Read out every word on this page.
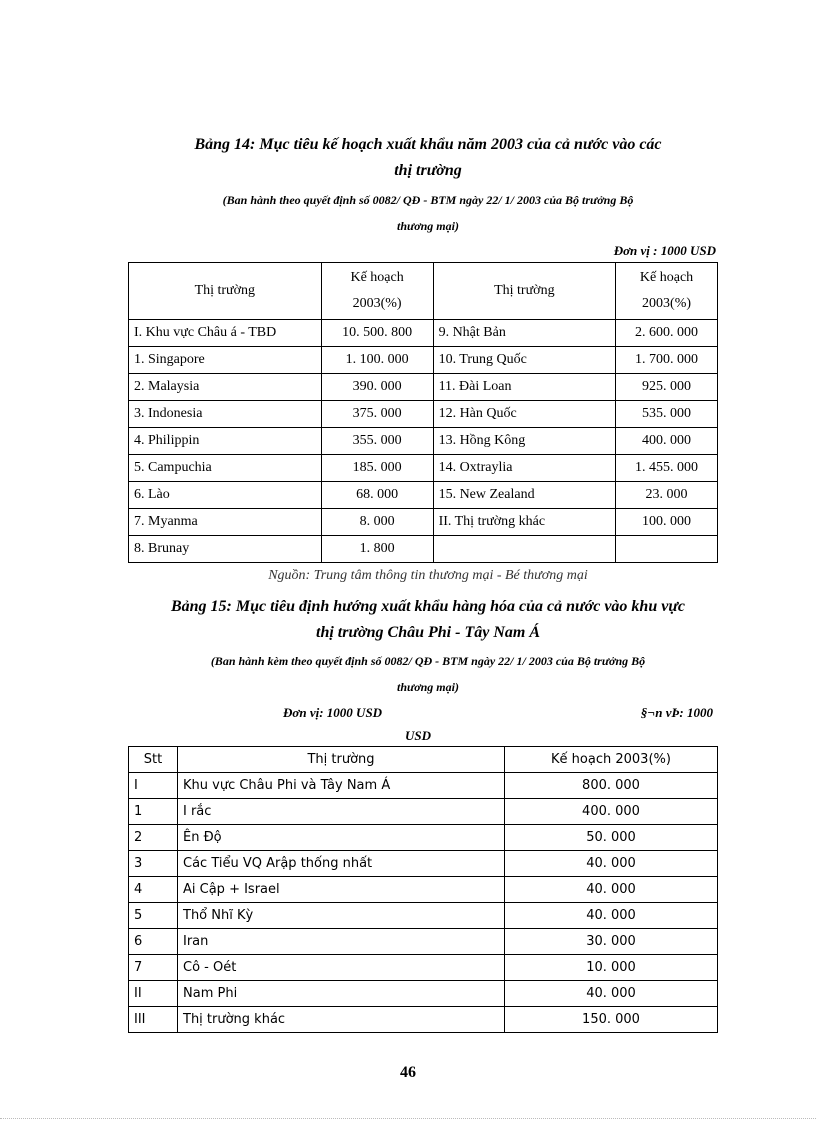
Bảng 14: Mục tiêu kế hoạch xuất khẩu năm 2003 của cả nước vào các
thị trường
(Ban hành theo quyết định số 0082/ QĐ - BTM ngày 22/ 1/ 2003 của Bộ trưởng Bộ
thương mại)
Đơn vị : 1000 USD
Thị trường	Kế hoạch 2003(%)	Thị trường	Kế hoạch 2003(%)
I. Khu vực Châu á - TBD	10. 500. 800	9. Nhật Bản	2. 600. 000
1. Singapore	1. 100. 000	10. Trung Quốc	1. 700. 000
2. Malaysia	390. 000	11. Đài Loan	925. 000
3. Indonesia	375. 000	12. Hàn Quốc	535. 000
4. Philippin	355. 000	13. Hồng Kông	400. 000
5. Campuchia	185. 000	14. Oxtraylia	1. 455. 000
6. Lào	68. 000	15. New Zealand	23. 000
7. Myanma	8. 000	II. Thị trường khác	100. 000
8. Brunay	1. 800		
Nguồn: Trung tâm thông tin thương mại - Bé thương mại
Bảng 15: Mục tiêu định hướng xuất khẩu hàng hóa của cả nước vào khu vực
thị trường Châu Phi - Tây Nam Á
(Ban hành kèm theo quyết định số 0082/ QĐ - BTM ngày 22/ 1/ 2003 của Bộ trưởng Bộ
thương mại)
Đơn vị: 1000 USD	§¬n vÞ: 1000
USD
Stt	Thị trường	Kế hoạch 2003(%)
I	Khu vực Châu Phi và Tây Nam Á	800. 000
1	I rắc	400. 000
2	Ên Độ	50. 000
3	Các Tiểu VQ Arập thống nhất	40. 000
4	Ai Cập + Israel	40. 000
5	Thổ Nhĩ Kỳ	40. 000
6	Iran	30. 000
7	Cô - Oét	10. 000
II	Nam Phi	40. 000
III	Thị trường khác	150. 000
46
